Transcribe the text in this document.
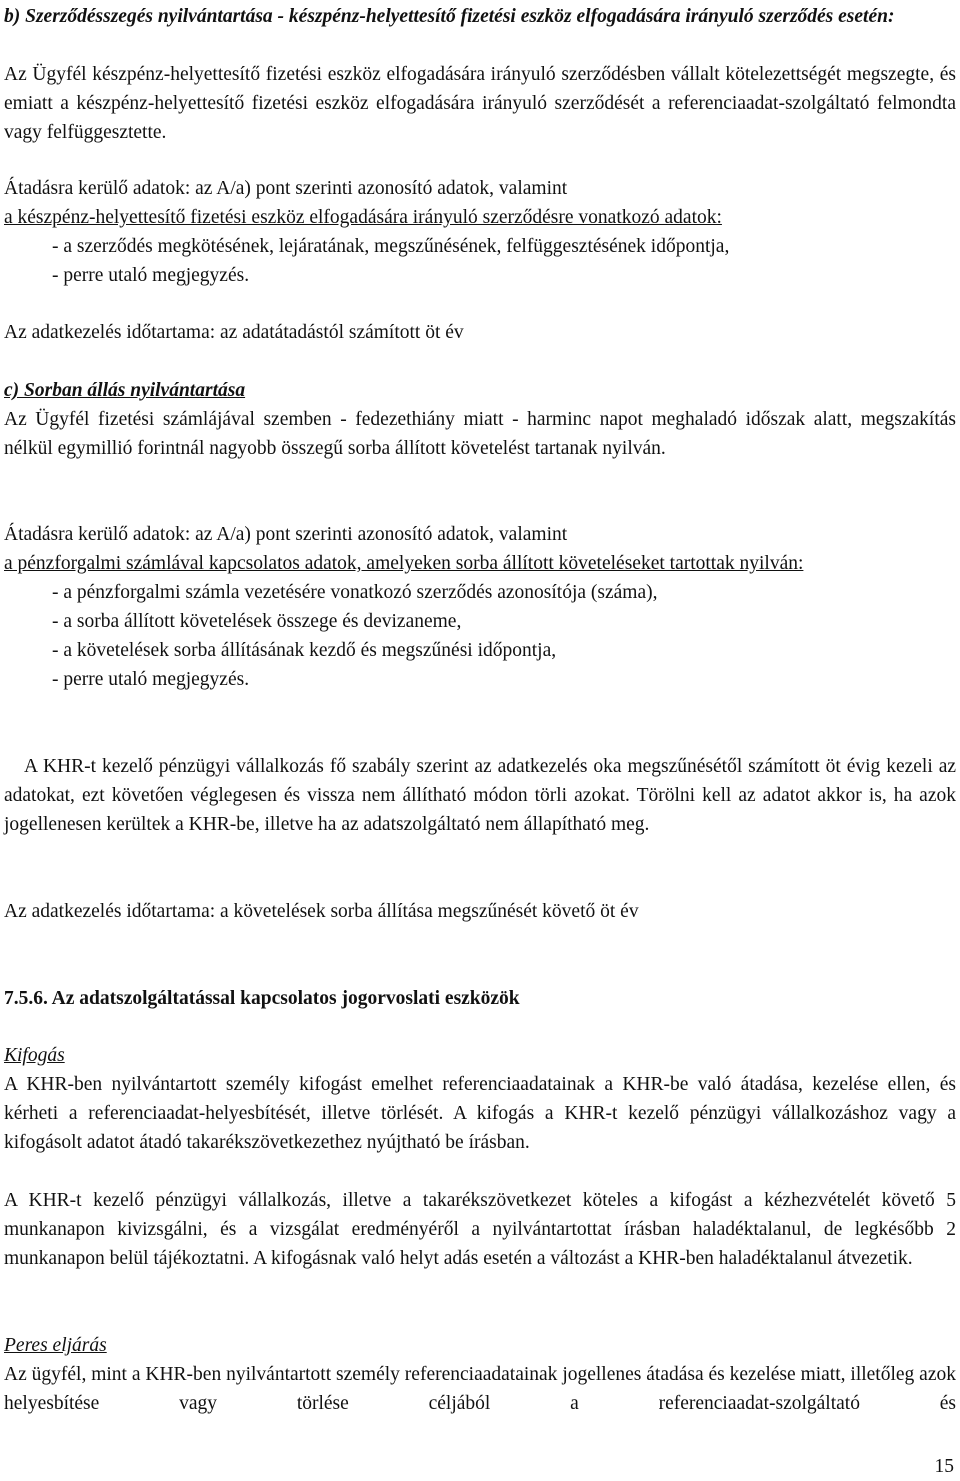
b) Szerződésszegés nyilvántartása - készpénz-helyettesítő fizetési eszköz elfogadására irányuló szerződés esetén:

Az Ügyfél készpénz-helyettesítő fizetési eszköz elfogadására irányuló szerződésben vállalt kötelezettségét megszegte, és emiatt a készpénz-helyettesítő fizetési eszköz elfogadására irányuló szerződését a referenciaadat-szolgáltató felmondta vagy felfüggesztette.

Átadásra kerülő adatok: az A/a) pont szerinti azonosító adatok, valamint
a készpénz-helyettesítő fizetési eszköz elfogadására irányuló szerződésre vonatkozó adatok:
- a szerződés megkötésének, lejáratának, megszűnésének, felfüggesztésének időpontja,
- perre utaló megjegyzés.

Az adatkezelés időtartama: az adatátadástól számított öt év

c) Sorban állás nyilvántartása

Az Ügyfél fizetési számlájával szemben - fedezethiány miatt - harminc napot meghaladó időszak alatt, megszakítás nélkül egymillió forintnál nagyobb összegű sorba állított követelést tartanak nyilván.

Átadásra kerülő adatok: az A/a) pont szerinti azonosító adatok, valamint
a pénzforgalmi számlával kapcsolatos adatok, amelyeken sorba állított követeléseket tartottak nyilván:
- a pénzforgalmi számla vezetésére vonatkozó szerződés azonosítója (száma),
- a sorba állított követelések összege és devizaneme,
- a követelések sorba állításának kezdő és megszűnési időpontja,
- perre utaló megjegyzés.

A KHR-t kezelő pénzügyi vállalkozás fő szabály szerint az adatkezelés oka megszűnésétől számított öt évig kezeli az adatokat, ezt követően véglegesen és vissza nem állítható módon törli azokat. Törölni kell az adatot akkor is, ha azok jogellenesen kerültek a KHR-be, illetve ha az adatszolgáltató nem állapítható meg.

Az adatkezelés időtartama: a követelések sorba állítása megszűnését követő öt év

7.5.6. Az adatszolgáltatással kapcsolatos jogorvoslati eszközök

Kifogás

A KHR-ben nyilvántartott személy kifogást emelhet referenciaadatainak a KHR-be való átadása, kezelése ellen, és kérheti a referenciaadat-helyesbítését, illetve törlését. A kifogás a KHR-t kezelő pénzügyi vállalkozáshoz vagy a kifogásolt adatot átadó takarékszövetkezethez nyújtható be írásban.

A KHR-t kezelő pénzügyi vállalkozás, illetve a takarékszövetkezet köteles a kifogást a kézhezvételét követő 5 munkanapon kivizsgálni, és a vizsgálat eredményéről a nyilvántartottat írásban haladéktalanul, de legkésőbb 2 munkanapon belül tájékoztatni. A kifogásnak való helyt adás esetén a változást a KHR-ben haladéktalanul átvezetik.

Peres eljárás

Az ügyfél, mint a KHR-ben nyilvántartott személy referenciaadatainak jogellenes átadása és kezelése miatt, illetőleg azok helyesbítése vagy törlése céljából a referenciaadat-szolgáltató és

15
